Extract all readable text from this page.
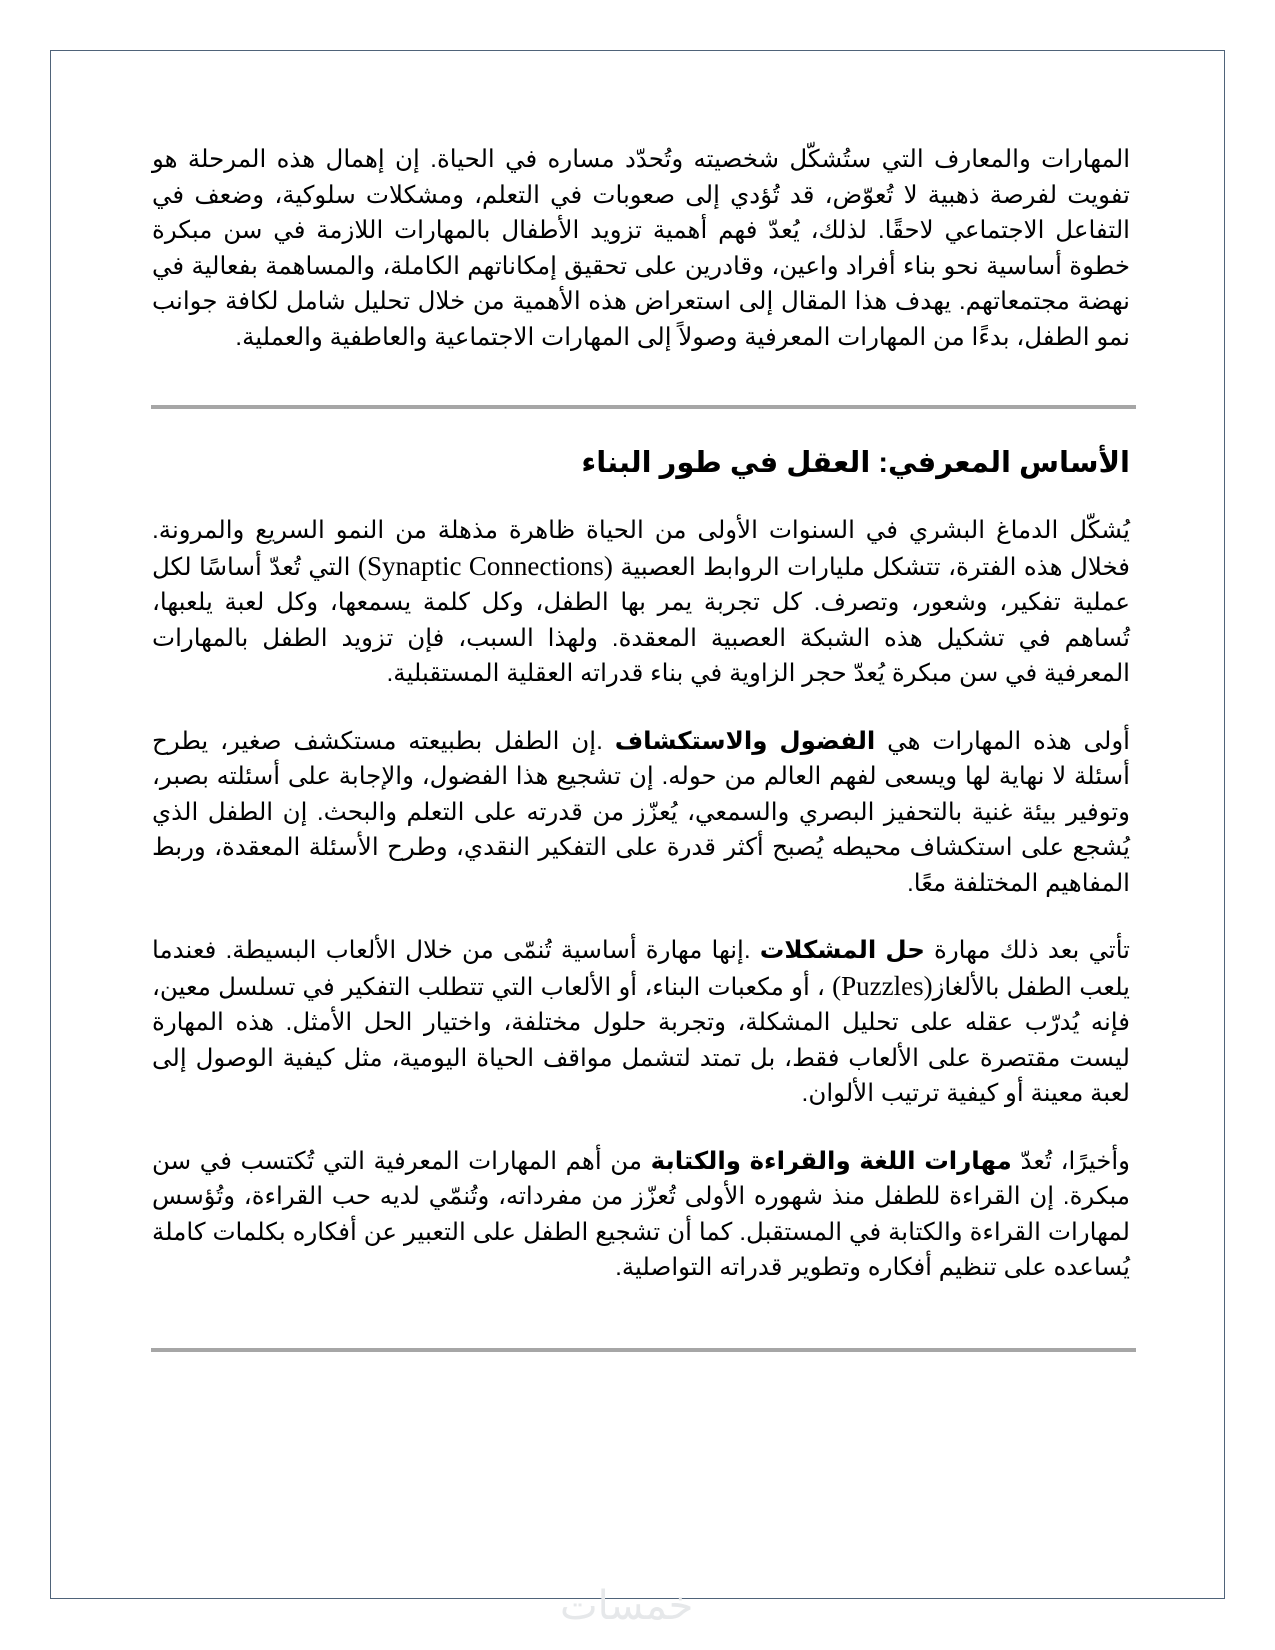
المهارات والمعارف التي ستُشكّل شخصيته وتُحدّد مساره في الحياة. إن إهمال هذه المرحلة هو تفويت لفرصة ذهبية لا تُعوّض، قد تُؤدي إلى صعوبات في التعلم، ومشكلات سلوكية، وضعف في التفاعل الاجتماعي لاحقًا. لذلك، يُعدّ فهم أهمية تزويد الأطفال بالمهارات اللازمة في سن مبكرة خطوة أساسية نحو بناء أفراد واعين، وقادرين على تحقيق إمكاناتهم الكاملة، والمساهمة بفعالية في نهضة مجتمعاتهم. يهدف هذا المقال إلى استعراض هذه الأهمية من خلال تحليل شامل لكافة جوانب نمو الطفل، بدءًا من المهارات المعرفية وصولاً إلى المهارات الاجتماعية والعاطفية والعملية.

الأساس المعرفي: العقل في طور البناء

يُشكّل الدماغ البشري في السنوات الأولى من الحياة ظاهرة مذهلة من النمو السريع والمرونة. فخلال هذه الفترة، تتشكل مليارات الروابط العصبية (Synaptic Connections) التي تُعدّ أساسًا لكل عملية تفكير، وشعور، وتصرف. كل تجربة يمر بها الطفل، وكل كلمة يسمعها، وكل لعبة يلعبها، تُساهم في تشكيل هذه الشبكة العصبية المعقدة. ولهذا السبب، فإن تزويد الطفل بالمهارات المعرفية في سن مبكرة يُعدّ حجر الزاوية في بناء قدراته العقلية المستقبلية.

أولى هذه المهارات هي الفضول والاستكشاف .إن الطفل بطبيعته مستكشف صغير، يطرح أسئلة لا نهاية لها ويسعى لفهم العالم من حوله. إن تشجيع هذا الفضول، والإجابة على أسئلته بصبر، وتوفير بيئة غنية بالتحفيز البصري والسمعي، يُعزّز من قدرته على التعلم والبحث. إن الطفل الذي يُشجع على استكشاف محيطه يُصبح أكثر قدرة على التفكير النقدي، وطرح الأسئلة المعقدة، وربط المفاهيم المختلفة معًا.

تأتي بعد ذلك مهارة حل المشكلات .إنها مهارة أساسية تُنمّى من خلال الألعاب البسيطة. فعندما يلعب الطفل بالألغاز(Puzzles) ، أو مكعبات البناء، أو الألعاب التي تتطلب التفكير في تسلسل معين، فإنه يُدرّب عقله على تحليل المشكلة، وتجربة حلول مختلفة، واختيار الحل الأمثل. هذه المهارة ليست مقتصرة على الألعاب فقط، بل تمتد لتشمل مواقف الحياة اليومية، مثل كيفية الوصول إلى لعبة معينة أو كيفية ترتيب الألوان.

وأخيرًا، تُعدّ مهارات اللغة والقراءة والكتابة من أهم المهارات المعرفية التي تُكتسب في سن مبكرة. إن القراءة للطفل منذ شهوره الأولى تُعزّز من مفرداته، وتُنمّي لديه حب القراءة، وتُؤسس لمهارات القراءة والكتابة في المستقبل. كما أن تشجيع الطفل على التعبير عن أفكاره بكلمات كاملة يُساعده على تنظيم أفكاره وتطوير قدراته التواصلية.

خمسات
